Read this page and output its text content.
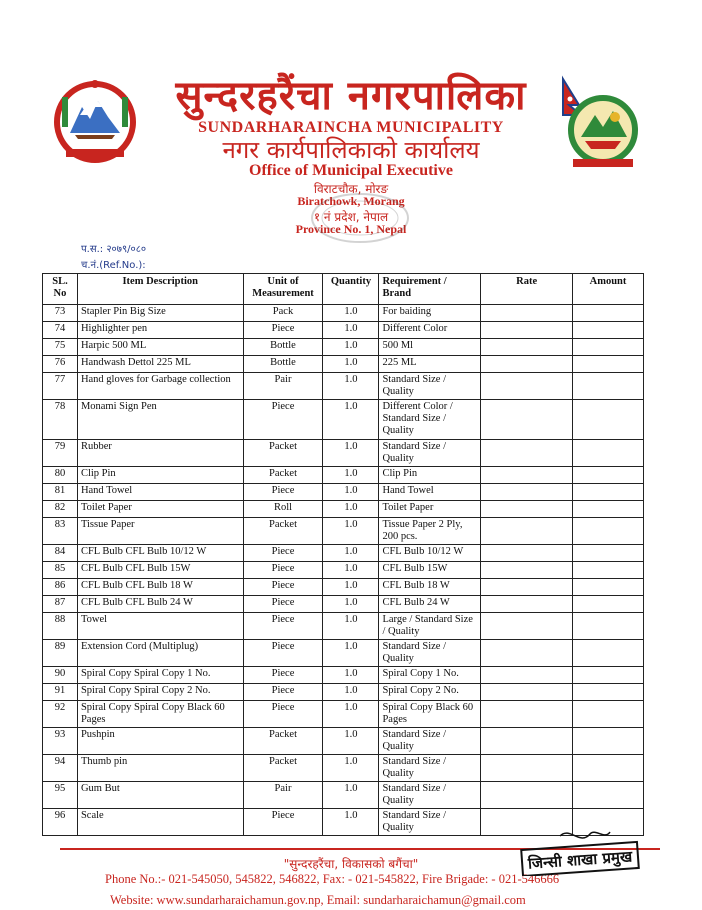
सुन्दरहरैंचा नगरपालिका
SUNDARHARAINCHA MUNICIPALITY
नगर कार्यपालिकाको कार्यालय
Office of Municipal Executive
विराटचौक, मोरङ
Biratchowk, Morang
१ नं प्रदेश, नेपाल
Province No. 1, Nepal
प.स.: २०७९/०८०
च.नं.(Ref.No.):
SL. No	Item Description	Unit of Measurement	Quantity	Requirement / Brand	Rate	Amount
73	Stapler Pin Big Size	Pack	1.0	For baiding		
74	Highlighter pen	Piece	1.0	Different Color		
75	Harpic 500 ML	Bottle	1.0	500 Ml		
76	Handwash Dettol 225 ML	Bottle	1.0	225 ML		
77	Hand gloves for Garbage collection	Pair	1.0	Standard Size / Quality		
78	Monami Sign Pen	Piece	1.0	Different Color / Standard Size / Quality		
79	Rubber	Packet	1.0	Standard Size / Quality		
80	Clip Pin	Packet	1.0	Clip Pin		
81	Hand Towel	Piece	1.0	Hand Towel		
82	Toilet Paper	Roll	1.0	Toilet Paper		
83	Tissue Paper	Packet	1.0	Tissue Paper 2 Ply, 200 pcs.		
84	CFL Bulb CFL Bulb 10/12 W	Piece	1.0	CFL Bulb 10/12 W		
85	CFL Bulb CFL Bulb 15W	Piece	1.0	CFL Bulb 15W		
86	CFL Bulb CFL Bulb 18 W	Piece	1.0	CFL Bulb 18 W		
87	CFL Bulb CFL Bulb 24 W	Piece	1.0	CFL Bulb 24 W		
88	Towel	Piece	1.0	Large / Standard Size / Quality		
89	Extension Cord (Multiplug)	Piece	1.0	Standard Size / Quality		
90	Spiral Copy Spiral Copy 1 No.	Piece	1.0	Spiral Copy 1 No.		
91	Spiral Copy Spiral Copy 2 No.	Piece	1.0	Spiral Copy 2 No.		
92	Spiral Copy Spiral Copy Black 60 Pages	Piece	1.0	Spiral Copy Black 60 Pages		
93	Pushpin	Packet	1.0	Standard Size / Quality		
94	Thumb pin	Packet	1.0	Standard Size / Quality		
95	Gum But	Pair	1.0	Standard Size / Quality		
96	Scale	Piece	1.0	Standard Size / Quality		
"सुन्दरहरैंचा, विकासको बगैंचा"
Phone No.:- 021-545050, 545822, 546822, Fax: - 021-545822, Fire Brigade: - 021-546666
Website: www.sundarharaichamun.gov.np, Email: sundarharaichamun@gmail.com
जिन्सी शाखा प्रमुख
